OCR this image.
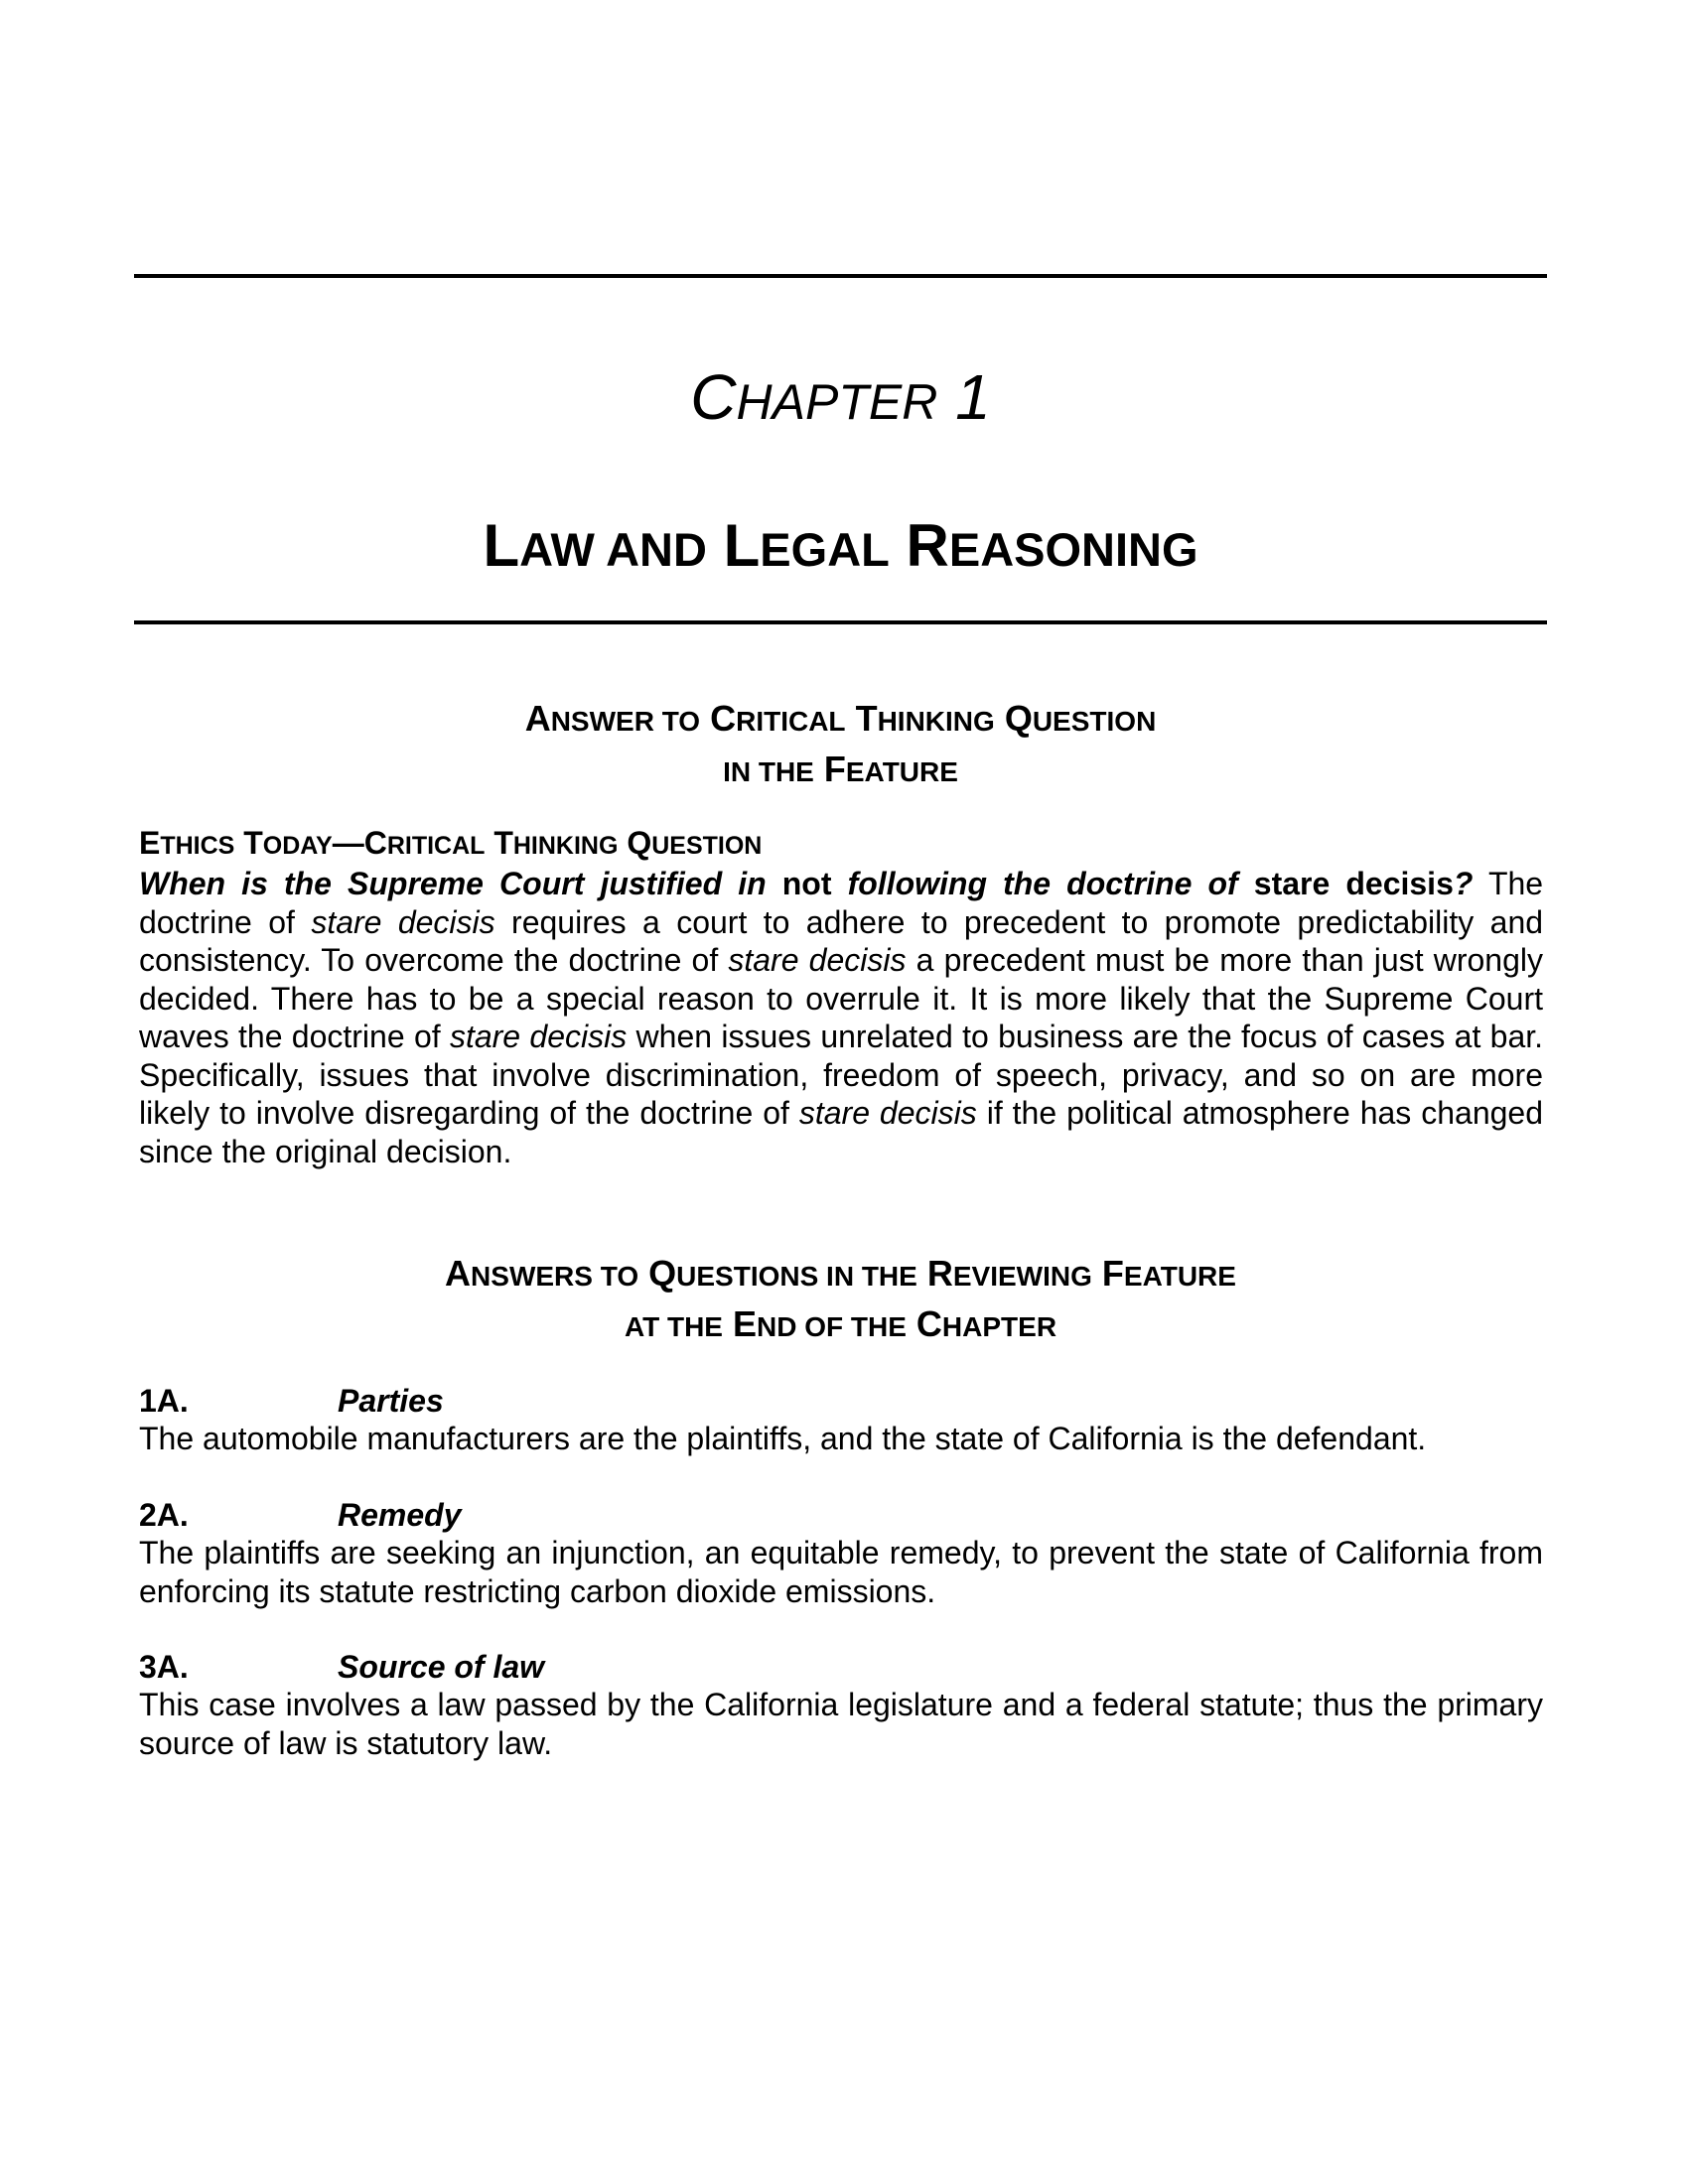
CHAPTER 1
LAW AND LEGAL REASONING
ANSWER TO CRITICAL THINKING QUESTION
IN THE FEATURE

ETHICS TODAY—CRITICAL THINKING QUESTION

When is the Supreme Court justified in not following the doctrine of stare decisis? The doctrine of stare decisis requires a court to adhere to precedent to promote predictability and consistency. To overcome the doctrine of stare decisis a precedent must be more than just wrongly decided. There has to be a special reason to overrule it. It is more likely that the Supreme Court waves the doctrine of stare decisis when issues unrelated to business are the focus of cases at bar. Specifically, issues that involve discrimination, freedom of speech, privacy, and so on are more likely to involve disregarding of the doctrine of stare decisis if the political atmosphere has changed since the original decision.

ANSWERS TO QUESTIONS IN THE REVIEWING FEATURE
AT THE END OF THE CHAPTER

1A.	Parties

The automobile manufacturers are the plaintiffs, and the state of California is the defendant.

2A.	Remedy

The plaintiffs are seeking an injunction, an equitable remedy, to prevent the state of California from enforcing its statute restricting carbon dioxide emissions.

3A.	Source of law

This case involves a law passed by the California legislature and a federal statute; thus the primary source of law is statutory law.
